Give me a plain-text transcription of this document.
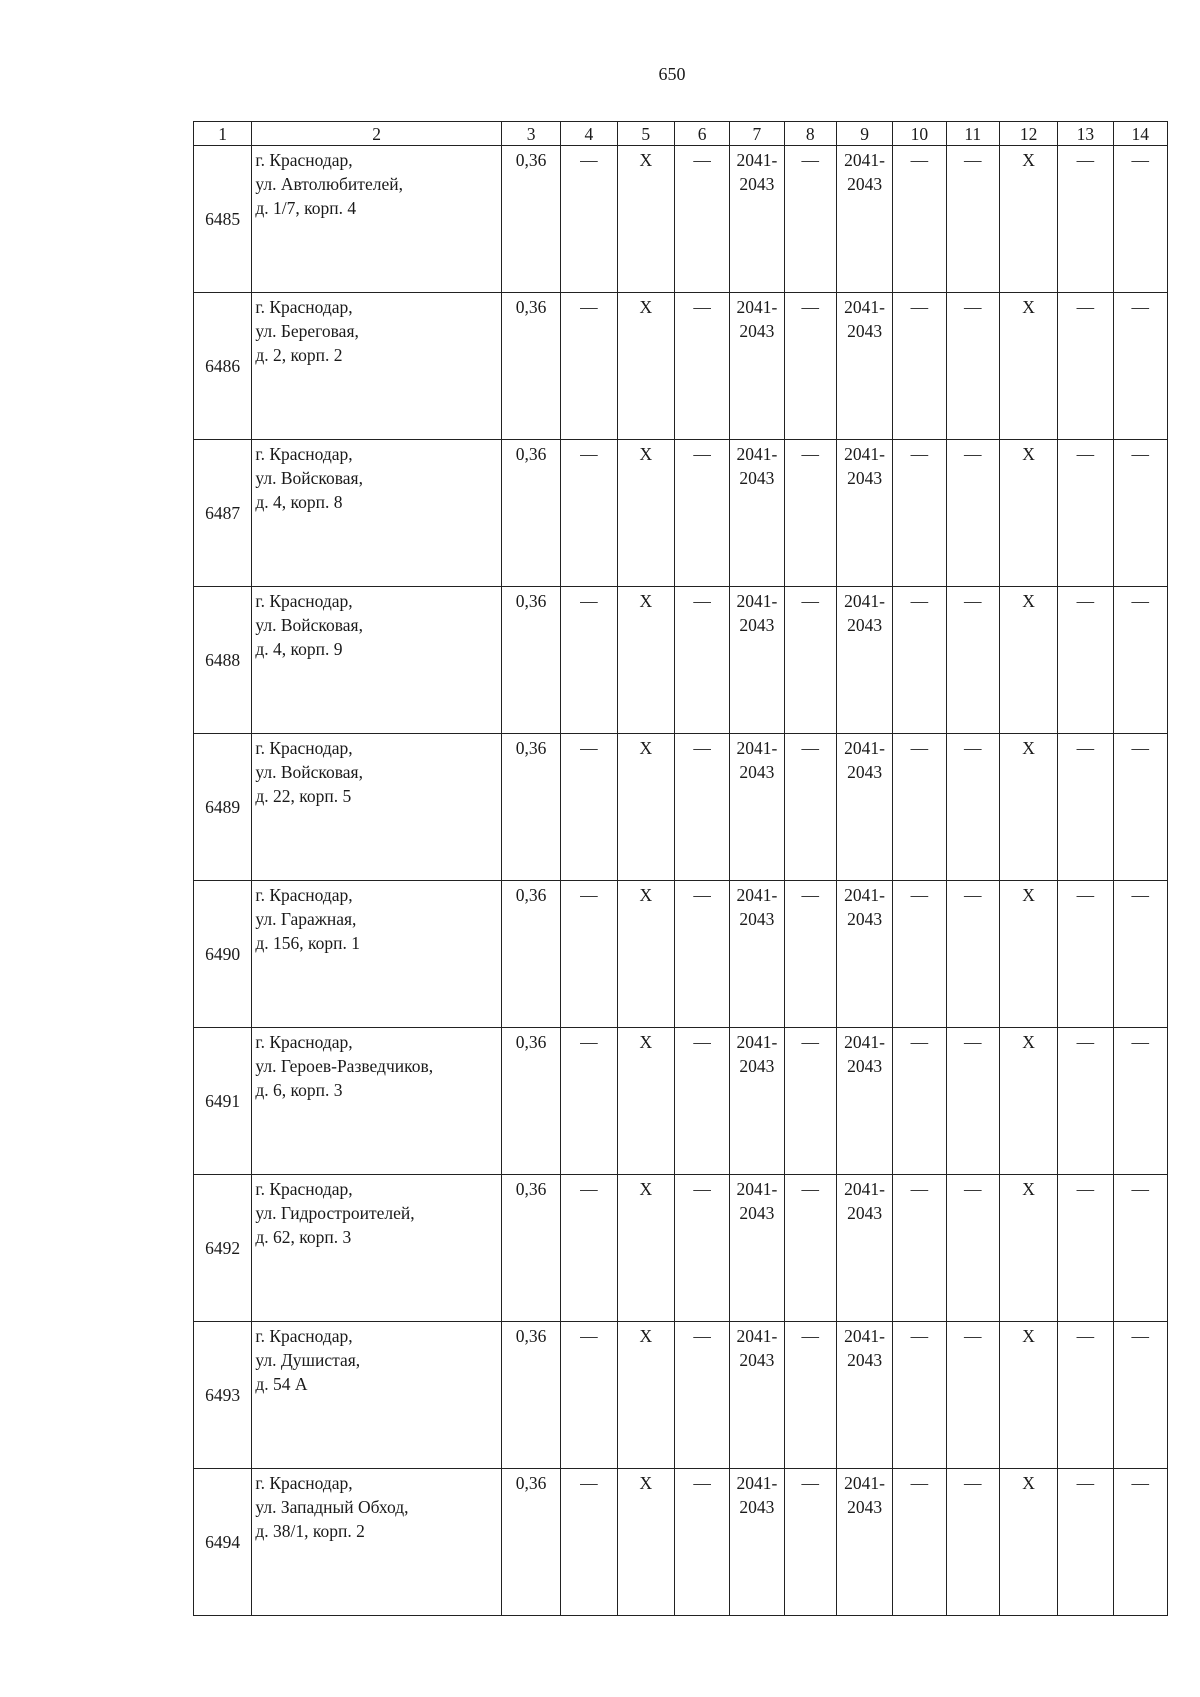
650
1	2	3	4	5	6	7	8	9	10	11	12	13	14
6485	г. Краснодар,
ул. Автолюбителей,
д. 1/7, корп. 4	0,36	—	Х	—	2041-
2043	—	2041-
2043	—	—	Х	—	—
6486	г. Краснодар,
ул. Береговая,
д. 2, корп. 2	0,36	—	Х	—	2041-
2043	—	2041-
2043	—	—	Х	—	—
6487	г. Краснодар,
ул. Войсковая,
д. 4, корп. 8	0,36	—	Х	—	2041-
2043	—	2041-
2043	—	—	Х	—	—
6488	г. Краснодар,
ул. Войсковая,
д. 4, корп. 9	0,36	—	Х	—	2041-
2043	—	2041-
2043	—	—	Х	—	—
6489	г. Краснодар,
ул. Войсковая,
д. 22, корп. 5	0,36	—	Х	—	2041-
2043	—	2041-
2043	—	—	Х	—	—
6490	г. Краснодар,
ул. Гаражная,
д. 156, корп. 1	0,36	—	Х	—	2041-
2043	—	2041-
2043	—	—	Х	—	—
6491	г. Краснодар,
ул. Героев-Разведчиков,
д. 6, корп. 3	0,36	—	Х	—	2041-
2043	—	2041-
2043	—	—	Х	—	—
6492	г. Краснодар,
ул. Гидростроителей,
д. 62, корп. 3	0,36	—	Х	—	2041-
2043	—	2041-
2043	—	—	Х	—	—
6493	г. Краснодар,
ул. Душистая,
д. 54 А	0,36	—	Х	—	2041-
2043	—	2041-
2043	—	—	Х	—	—
6494	г. Краснодар,
ул. Западный Обход,
д. 38/1, корп. 2	0,36	—	Х	—	2041-
2043	—	2041-
2043	—	—	Х	—	—
